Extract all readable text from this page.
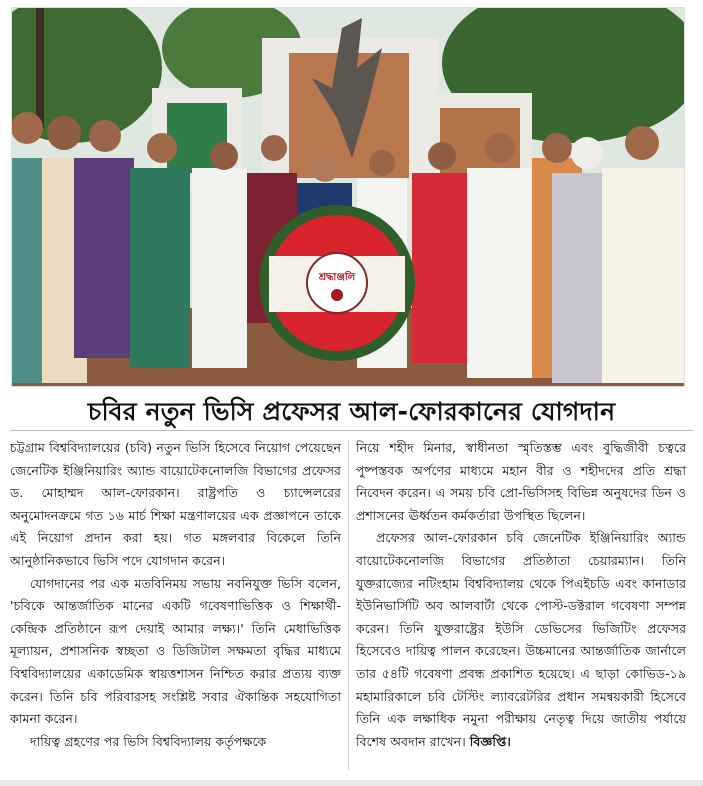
শ্রদ্ধাঞ্জলি
চবির নতুন ভিসি প্রফেসর আল-ফোরকানের যোগদান

চট্টগ্রাম বিশ্ববিদ্যালয়ের (চবি) নতুন ভিসি হিসেবে নিয়োগ পেয়েছেন জেনেটিক ইঞ্জিনিয়ারিং অ্যান্ড বায়োটেকনোলজি বিভাগের প্রফেসর ড. মোহাম্মদ আল-ফোরকান। রাষ্ট্রপতি ও চ্যান্সেলরের অনুমোদনক্রমে গত ১৬ মার্চ শিক্ষা মন্ত্রণালয়ের এক প্রজ্ঞাপনে তাকে এই নিয়োগ প্রদান করা হয়। গত মঙ্গলবার বিকেলে তিনি আনুষ্ঠানিকভাবে ভিসি পদে যোগদান করেন।

যোগদানের পর এক মতবিনিময় সভায় নবনিযুক্ত ভিসি বলেন, 'চবিকে আন্তর্জাতিক মানের একটি গবেষণাভিত্তিক ও শিক্ষার্থী-কেন্দ্রিক প্রতিষ্ঠানে রূপ দেয়াই আমার লক্ষ্য।' তিনি মেধাভিত্তিক মূল্যায়ন, প্রশাসনিক স্বচ্ছতা ও ডিজিটাল সক্ষমতা বৃদ্ধির মাধ্যমে বিশ্ববিদ্যালয়ের একাডেমিক স্বায়ত্তশাসন নিশ্চিত করার প্রত্যয় ব্যক্ত করেন। তিনি চবি পরিবারসহ সংশ্লিষ্ট সবার ঐকান্তিক সহযোগিতা কামনা করেন।

দায়িত্ব গ্রহণের পর ভিসি বিশ্ববিদ্যালয় কর্তৃপক্ষকে

নিয়ে শহীদ মিনার, স্বাধীনতা স্মৃতিস্তম্ভ এবং বুদ্ধিজীবী চত্বরে পুষ্পস্তবক অর্পণের মাধ্যমে মহান বীর ও শহীদদের প্রতি শ্রদ্ধা নিবেদন করেন। এ সময় চবি প্রো-ভিসিসহ বিভিন্ন অনুষদের ডিন ও প্রশাসনের ঊর্ধ্বতন কর্মকর্তারা উপস্থিত ছিলেন।

প্রফেসর আল-ফোরকান চবি জেনেটিক ইঞ্জিনিয়ারিং অ্যান্ড বায়োটেকনোলজি বিভাগের প্রতিষ্ঠাতা চেয়ারম্যান। তিনি যুক্তরাজ্যের নটিংহাম বিশ্ববিদ্যালয় থেকে পিএইচডি এবং কানাডার ইউনিভার্সিটি অব আলবার্টা থেকে পোস্ট-ডক্টরাল গবেষণা সম্পন্ন করেন। তিনি যুক্তরাষ্ট্রের ইউসি ডেভিসের ভিজিটিং প্রফেসর হিসেবেও দায়িত্ব পালন করেছেন। উচ্চমানের আন্তর্জাতিক জার্নালে তার ৫৪টি গবেষণা প্রবন্ধ প্রকাশিত হয়েছে। এ ছাড়া কোভিড-১৯ মহামারিকালে চবি টেস্টিং ল্যাবরেটরির প্রধান সমন্বয়কারী হিসেবে তিনি এক লক্ষাধিক নমুনা পরীক্ষায় নেতৃত্ব দিয়ে জাতীয় পর্যায়ে বিশেষ অবদান রাখেন। বিজ্ঞপ্তি।
